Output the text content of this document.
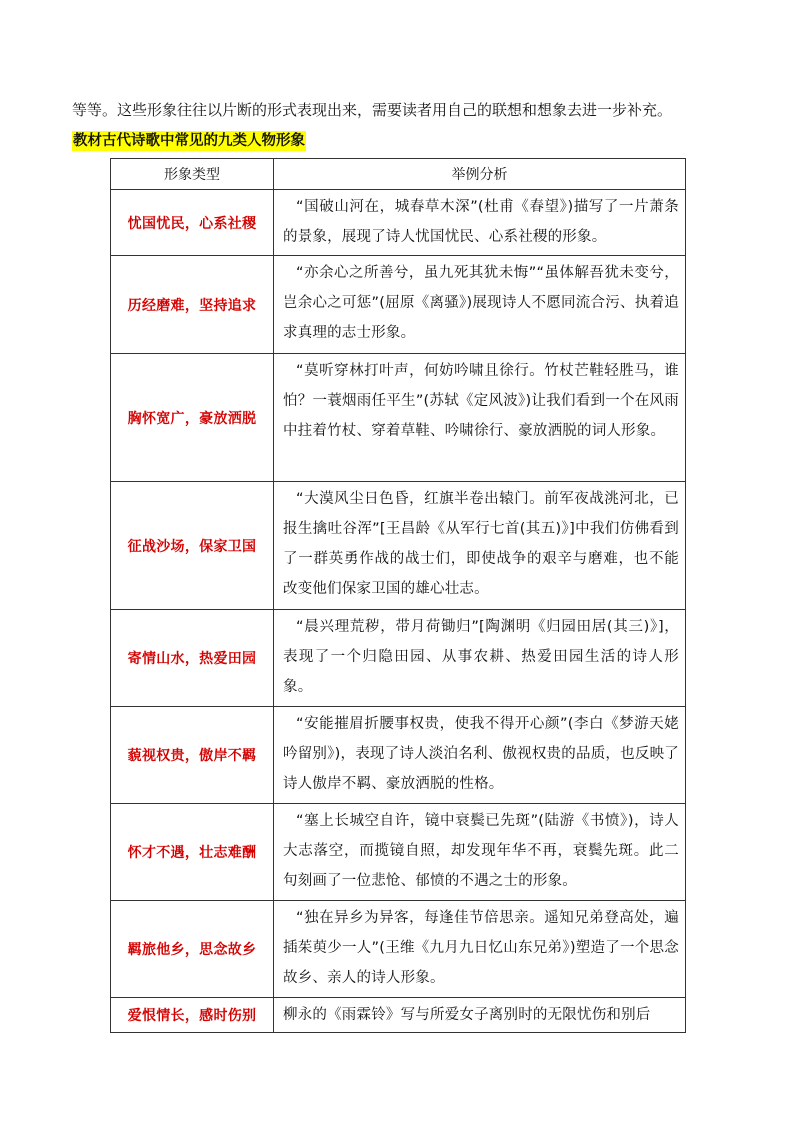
等等。这些形象往往以片断的形式表现出来，需要读者用自己的联想和想象去进一步补充。
教材古代诗歌中常见的九类人物形象
形象类型	举例分析
忧国忧民，心系社稷	“国破山河在，城春草木深”(杜甫《春望》)描写了一片萧条的景象，展现了诗人忧国忧民、心系社稷的形象。

历经磨难，坚持追求	“亦余心之所善兮，虽九死其犹未悔”“虽体解吾犹未变兮，岂余心之可惩”(屈原《离骚》)展现诗人不愿同流合污、执着追求真理的志士形象。

胸怀宽广，豪放洒脱	“莫听穿林打叶声，何妨吟啸且徐行。竹杖芒鞋轻胜马，谁怕？一蓑烟雨任平生”(苏轼《定风波》)让我们看到一个在风雨中拄着竹杖、穿着草鞋、吟啸徐行、豪放洒脱的词人形象。

征战沙场，保家卫国	“大漠风尘日色昏，红旗半卷出辕门。前军夜战洮河北，已报生擒吐谷浑”[王昌龄《从军行七首(其五)》]中我们仿佛看到了一群英勇作战的战士们，即使战争的艰辛与磨难，也不能改变他们保家卫国的雄心壮志。

寄情山水，热爱田园	“晨兴理荒秽，带月荷锄归”[陶渊明《归园田居(其三)》]，表现了一个归隐田园、从事农耕、热爱田园生活的诗人形象。

藐视权贵，傲岸不羁	“安能摧眉折腰事权贵，使我不得开心颜”(李白《梦游天姥吟留别》)，表现了诗人淡泊名利、傲视权贵的品质，也反映了诗人傲岸不羁、豪放洒脱的性格。

怀才不遇，壮志难酬	“塞上长城空自许，镜中衰鬓已先斑”(陆游《书愤》)，诗人大志落空，而揽镜自照，却发现年华不再，衰鬓先斑。此二句刻画了一位悲怆、郁愤的不遇之士的形象。

羁旅他乡，思念故乡	“独在异乡为异客，每逢佳节倍思亲。遥知兄弟登高处，遍插茱萸少一人”(王维《九月九日忆山东兄弟》)塑造了一个思念故乡、亲人的诗人形象。

爱恨情长，感时伤别	柳永的《雨霖铃》写与所爱女子离别时的无限忧伤和别后
